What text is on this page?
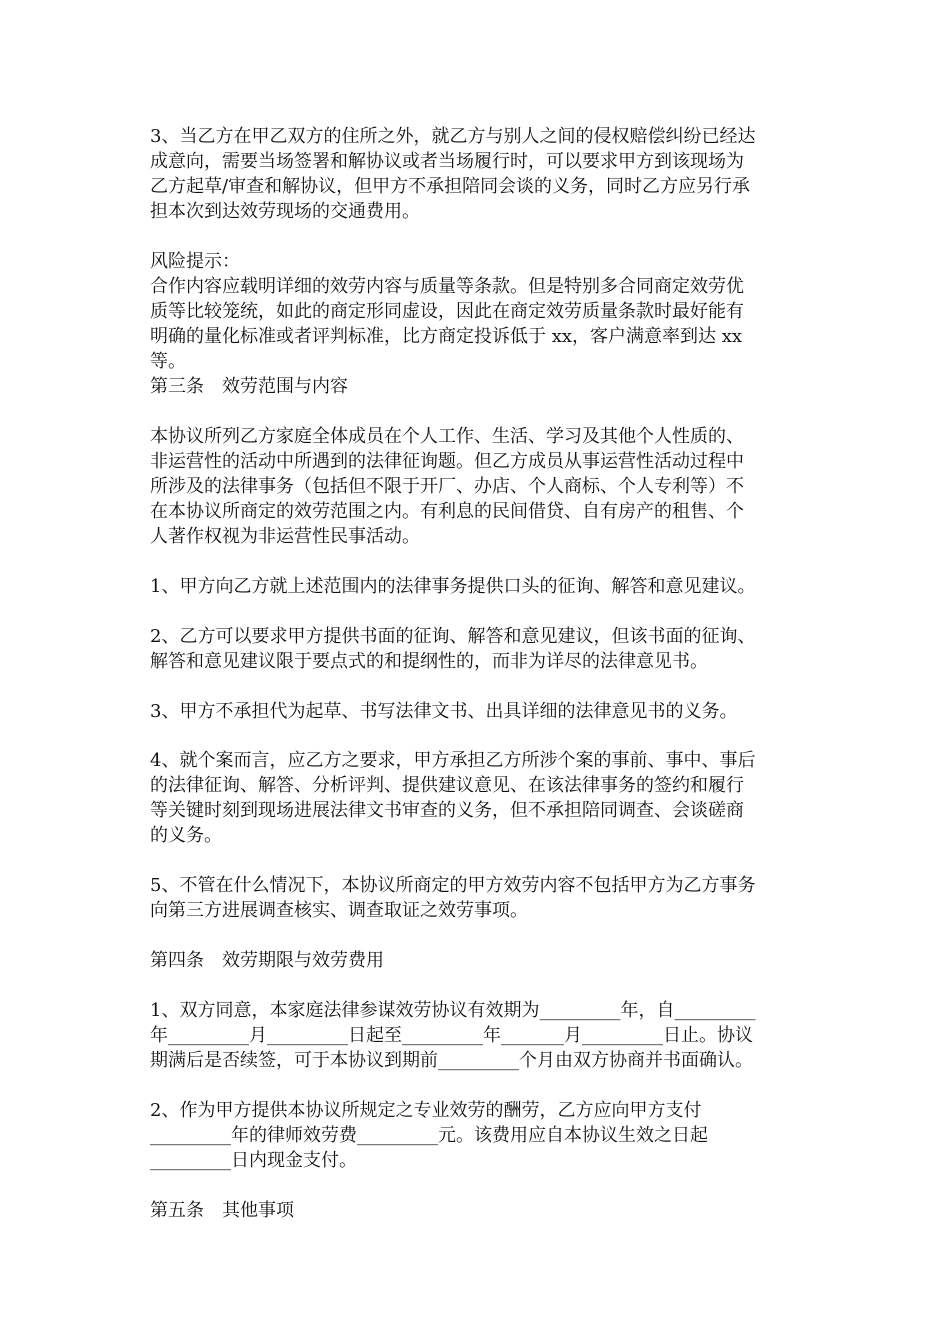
3、当乙方在甲乙双方的住所之外，就乙方与别人之间的侵权赔偿纠纷已经达
成意向，需要当场签署和解协议或者当场履行时，可以要求甲方到该现场为
乙方起草/审查和解协议，但甲方不承担陪同会谈的义务，同时乙方应另行承
担本次到达效劳现场的交通费用。
风险提示：
合作内容应载明详细的效劳内容与质量等条款。但是特别多合同商定效劳优
质等比较笼统，如此的商定形同虚设，因此在商定效劳质量条款时最好能有
明确的量化标准或者评判标准，比方商定投诉低于 xx，客户满意率到达 xx
等。
第三条　效劳范围与内容
本协议所列乙方家庭全体成员在个人工作、生活、学习及其他个人性质的、
非运营性的活动中所遇到的法律征询题。但乙方成员从事运营性活动过程中
所涉及的法律事务（包括但不限于开厂、办店、个人商标、个人专利等）不
在本协议所商定的效劳范围之内。有利息的民间借贷、自有房产的租售、个
人著作权视为非运营性民事活动。
1、甲方向乙方就上述范围内的法律事务提供口头的征询、解答和意见建议。
2、乙方可以要求甲方提供书面的征询、解答和意见建议，但该书面的征询、
解答和意见建议限于要点式的和提纲性的，而非为详尽的法律意见书。
3、甲方不承担代为起草、书写法律文书、出具详细的法律意见书的义务。
4、就个案而言，应乙方之要求，甲方承担乙方所涉个案的事前、事中、事后
的法律征询、解答、分析评判、提供建议意见、在该法律事务的签约和履行
等关键时刻到现场进展法律文书审查的义务，但不承担陪同调查、会谈磋商
的义务。
5、不管在什么情况下，本协议所商定的甲方效劳内容不包括甲方为乙方事务
向第三方进展调查核实、调查取证之效劳事项。
第四条　效劳期限与效劳费用
1、双方同意，本家庭法律参谋效劳协议有效期为_________年，自_________
年_________月_________日起至_________年_______月_________日止。协议
期满后是否续签，可于本协议到期前_________个月由双方协商并书面确认。
2、作为甲方提供本协议所规定之专业效劳的酬劳，乙方应向甲方支付
_________年的律师效劳费_________元。该费用应自本协议生效之日起
_________日内现金支付。
第五条　其他事项
